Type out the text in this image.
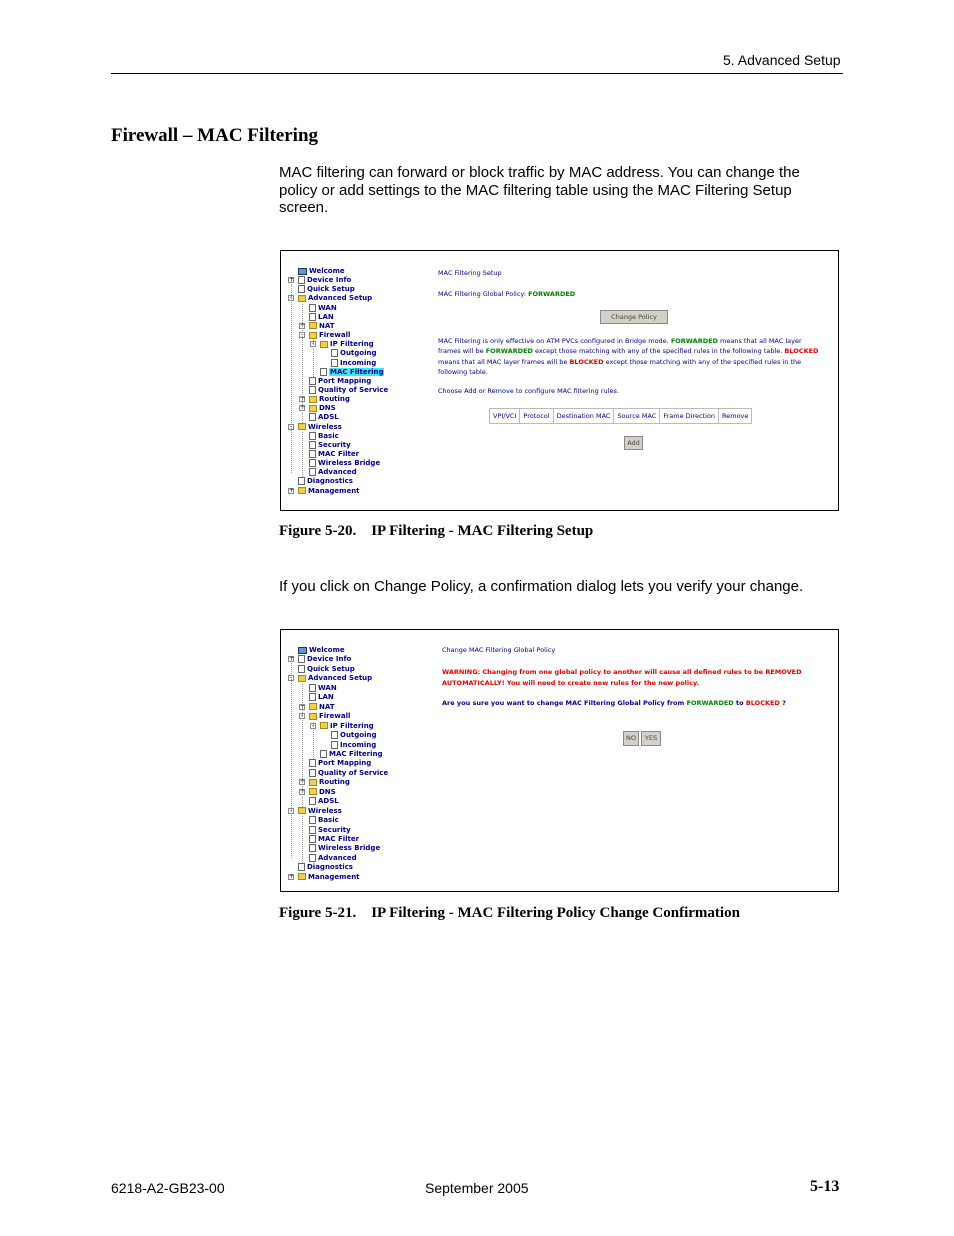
5. Advanced Setup
Firewall – MAC Filtering
MAC filtering can forward or block traffic by MAC address. You can change the
policy or add settings to the MAC filtering table using the MAC Filtering Setup
screen.
Welcome
+ Device Info
Quick Setup
- Advanced Setup
WAN
LAN
+ NAT
- Firewall
- IP Filtering
Outgoing
Incoming
MAC Filtering
Port Mapping
Quality of Service
+ Routing
+ DNS
ADSL
- Wireless
Basic
Security
MAC Filter
Wireless Bridge
Advanced
Diagnostics
+ Management
MAC Filtering Setup
MAC Filtering Global Policy: FORWARDED
Change Policy
MAC Filtering is only effective on ATM PVCs configured in Bridge mode. FORWARDED means that all MAC layer
frames will be FORWARDED except those matching with any of the specified rules in the following table. BLOCKED
means that all MAC layer frames will be BLOCKED except those matching with any of the specified rules in the
following table.
Choose Add or Remove to configure MAC filtering rules.
VPI/VCI	Protocol	Destination MAC	Source MAC	Frame Direction	Remove
Add
Figure 5-20.    IP Filtering - MAC Filtering Setup
If you click on Change Policy, a confirmation dialog lets you verify your change.
Welcome
+ Device Info
Quick Setup
- Advanced Setup
WAN
LAN
+ NAT
- Firewall
- IP Filtering
Outgoing
Incoming
MAC Filtering
Port Mapping
Quality of Service
+ Routing
+ DNS
ADSL
- Wireless
Basic
Security
MAC Filter
Wireless Bridge
Advanced
Diagnostics
+ Management
Change MAC Filtering Global Policy
WARNING: Changing from one global policy to another will cause all defined rules to be REMOVED
AUTOMATICALLY! You will need to create new rules for the new policy.
Are you sure you want to change MAC Filtering Global Policy from FORWARDED to BLOCKED ?
NO	YES
Figure 5-21.    IP Filtering - MAC Filtering Policy Change Confirmation
6218-A2-GB23-00	September 2005	5-13
